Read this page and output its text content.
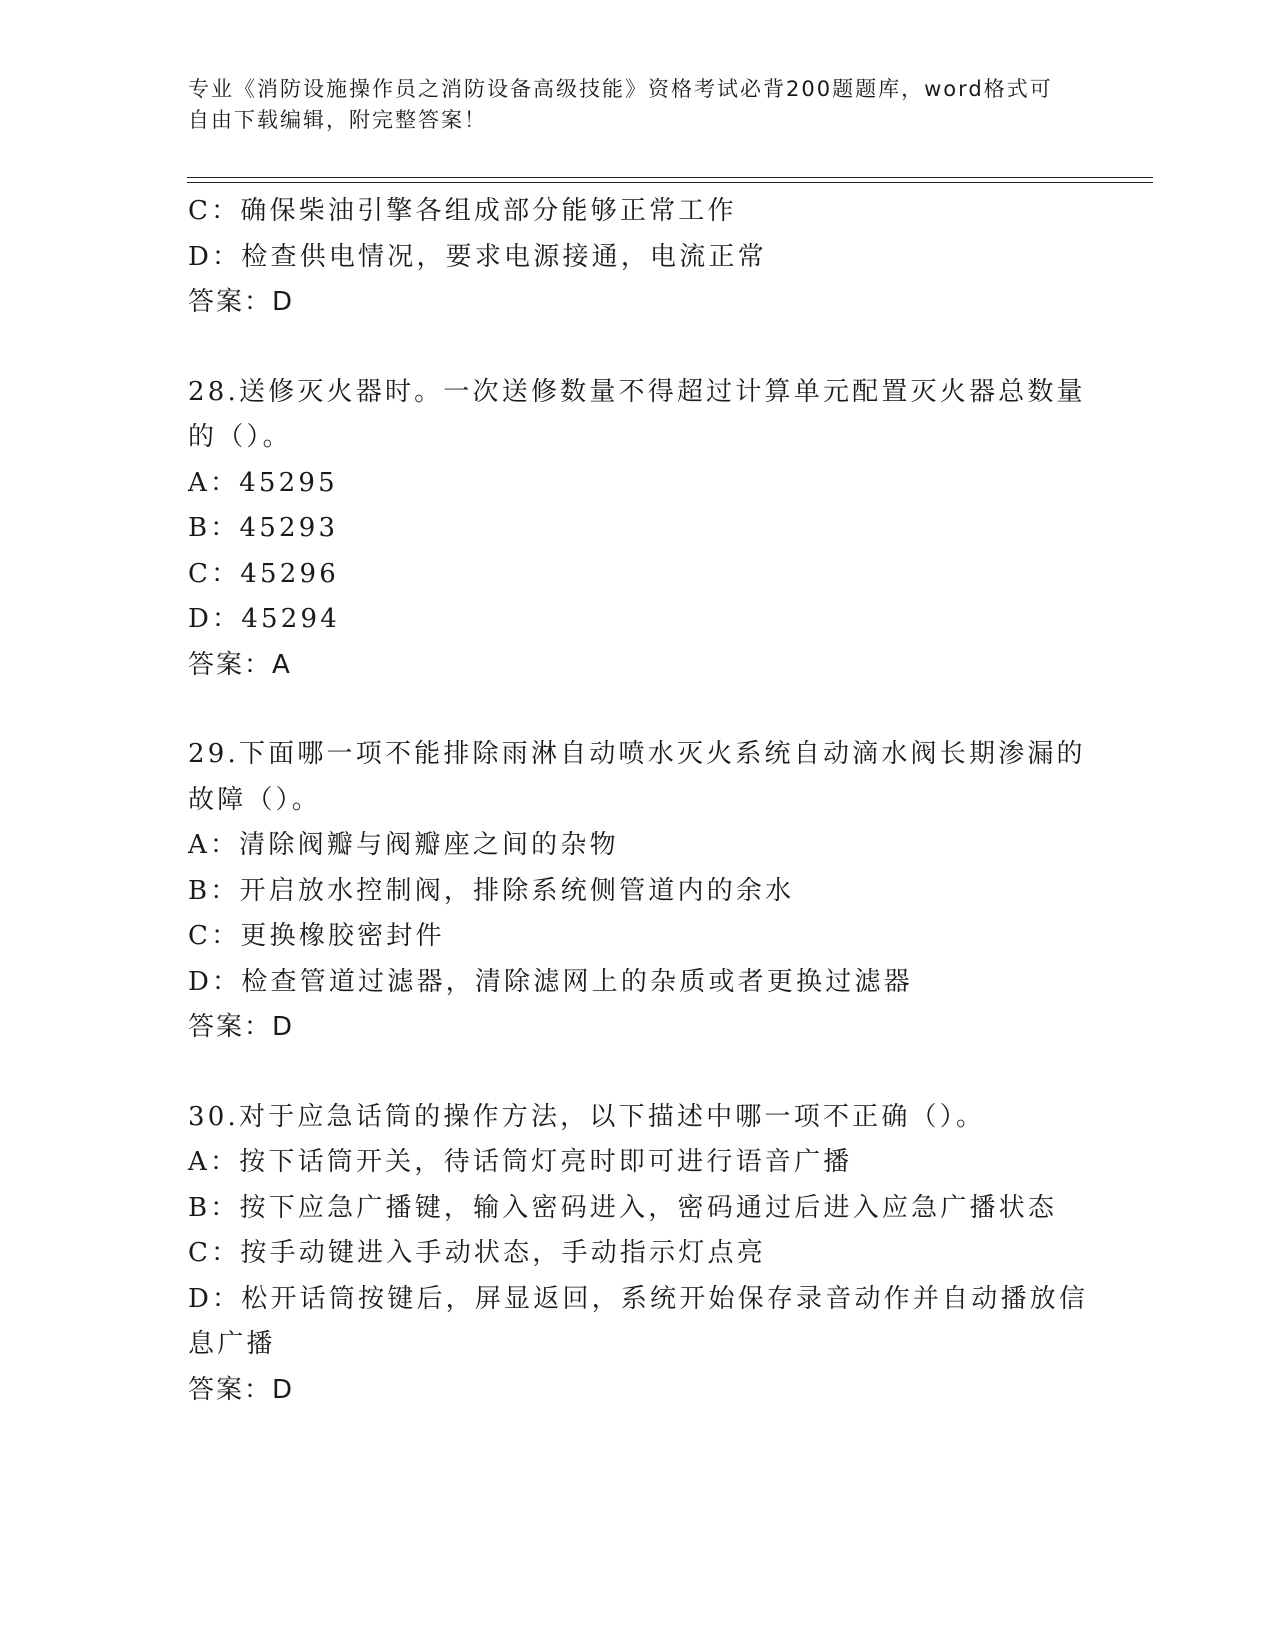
专业《消防设施操作员之消防设备高级技能》资格考试必背200题题库，word格式可自由下载编辑，附完整答案！
C：确保柴油引擎各组成部分能够正常工作
D：检查供电情况，要求电源接通，电流正常
答案：D
28.送修灭火器时。一次送修数量不得超过计算单元配置灭火器总数量
的（）。
A：45295
B：45293
C：45296
D：45294
答案：A
29.下面哪一项不能排除雨淋自动喷水灭火系统自动滴水阀长期渗漏的
故障（）。
A：清除阀瓣与阀瓣座之间的杂物
B：开启放水控制阀，排除系统侧管道内的余水
C：更换橡胶密封件
D：检查管道过滤器，清除滤网上的杂质或者更换过滤器
答案：D
30.对于应急话筒的操作方法，以下描述中哪一项不正确（）。
A：按下话筒开关，待话筒灯亮时即可进行语音广播
B：按下应急广播键，输入密码进入，密码通过后进入应急广播状态
C：按手动键进入手动状态，手动指示灯点亮
D：松开话筒按键后，屏显返回，系统开始保存录音动作并自动播放信
息广播
答案：D
